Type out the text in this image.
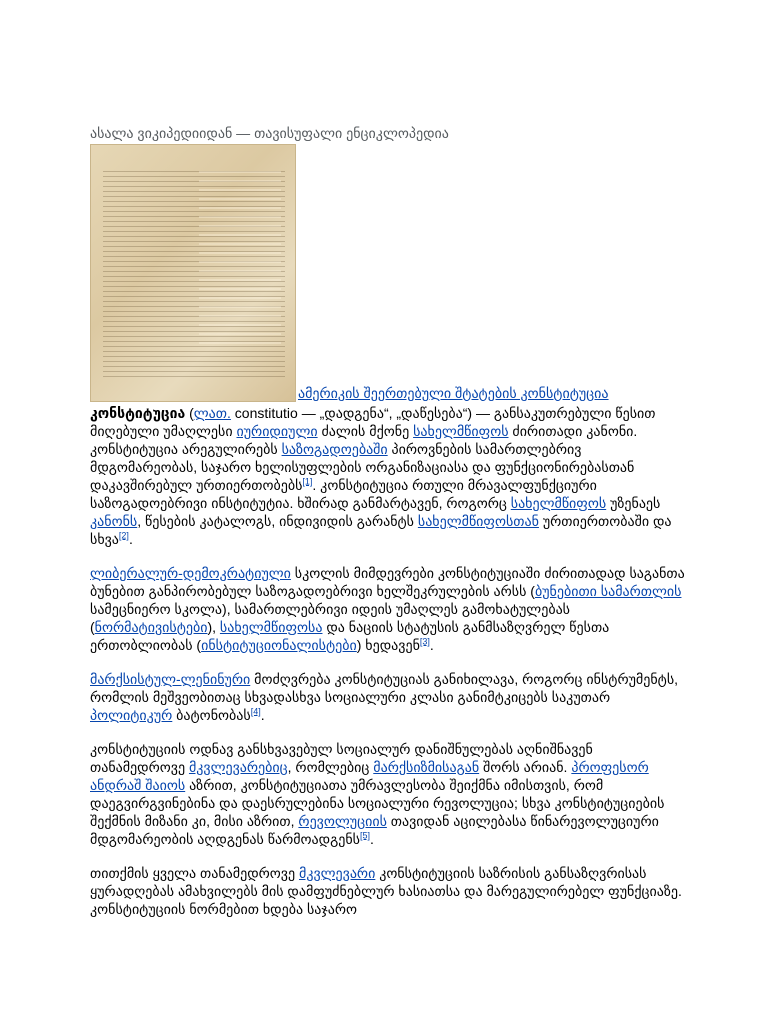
ასალა ვიკიპედიიდან — თავისუფალი ენციკლოპედია
ამერიკის შეერთებული შტატების კონსტიტუცია

კონსტიტუცია (ლათ. constitutio — „დადგენა“, „დაწესება“) — განსაკუთრებული წესით მიღებული უმაღლესი იურიდიული ძალის მქონე სახელმწიფოს ძირითადი კანონი. კონსტიტუცია არეგულირებს საზოგადოებაში პიროვნების სამართლებრივ მდგომარეობას, საჯარო ხელისუფლების ორგანიზაციასა და ფუნქციონირებასთან დაკავშირებულ ურთიერთობებს[1]. კონსტიტუცია რთული მრავალფუნქციური საზოგადოებრივი ინსტიტუტია. ხშირად განმარტავენ, როგორც სახელმწიფოს უზენაეს კანონს, წესების კატალოგს, ინდივიდის გარანტს სახელმწიფოსთან ურთიერთობაში და სხვა[2].

ლიბერალურ-დემოკრატიული სკოლის მიმდევრები კონსტიტუციაში ძირითადად საგანთა ბუნებით განპირობებულ საზოგადოებრივი ხელშეკრულების არსს (ბუნებითი სამართლის სამეცნიერო სკოლა), სამართლებრივი იდეის უმაღლეს გამოხატულებას (ნორმატივისტები), სახელმწიფოსა და ნაციის სტატუსის განმსაზღვრელ წესთა ერთობლიობას (ინსტიტუციონალისტები) ხედავენ[3].

მარქსისტულ-ლენინური მოძღვრება კონსტიტუციას განიხილავა, როგორც ინსტრუმენტს, რომლის მეშვეობითაც სხვადასხვა სოციალური კლასი განიმტკიცებს საკუთარ პოლიტიკურ ბატონობას[4].

კონსტიტუციის ოდნავ განსხვავებულ სოციალურ დანიშნულებას აღნიშნავენ თანამედროვე მკვლევარებიც, რომლებიც მარქსიზმისაგან შორს არიან. პროფესორ ანდრაშ შაიოს აზრით, კონსტიტუციათა უმრავლესობა შეიქმნა იმისთვის, რომ დაეგვირგვინებინა და დაესრულებინა სოციალური რევოლუცია; სხვა კონსტიტუციების შექმნის მიზანი კი, მისი აზრით, რევოლუციის თავიდან აცილებასა წინარევოლუციური მდგომარეობის აღდგენას წარმოადგენს[5].

თითქმის ყველა თანამედროვე მკვლევარი კონსტიტუციის საზრისის განსაზღვრისას ყურადღებას ამახვილებს მის დამფუძნებლურ ხასიათსა და მარეგულირებელ ფუნქციაზე. კონსტიტუციის ნორმებით ხდება საჯარო
